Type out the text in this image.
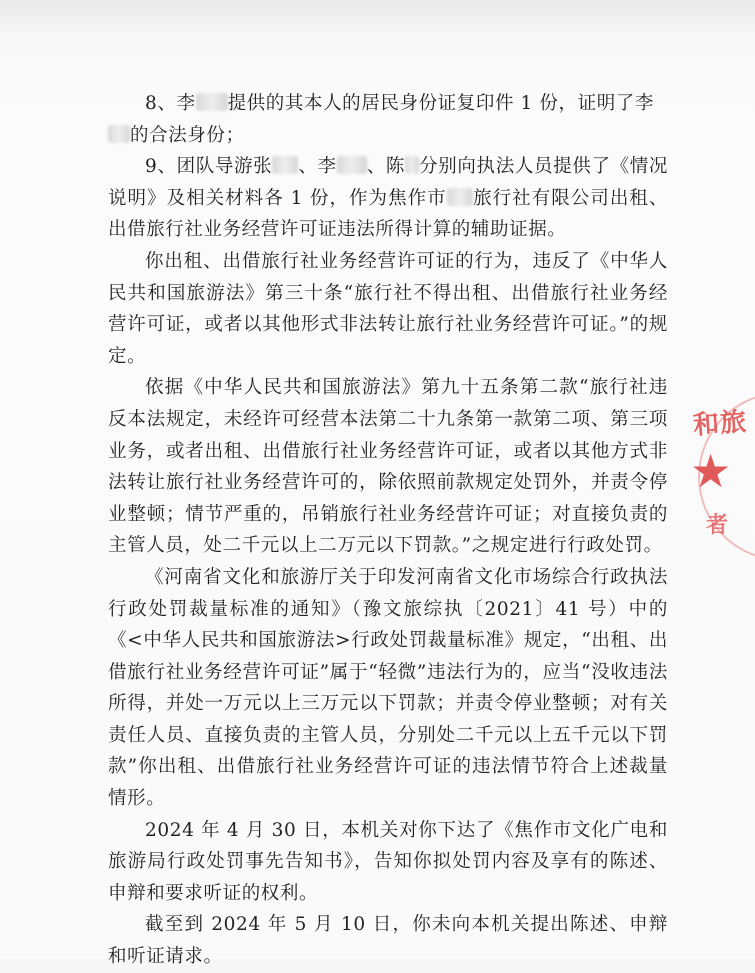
8、李 提供的其本人的居民身份证复印件 1 份，证明了李

的合法身份；

9、团队导游张 、李 、陈 分别向执法人员提供了《情况说明》及相关材料各 1 份，作为焦作市 旅行社有限公司出租、出借旅行社业务经营许可证违法所得计算的辅助证据。

你出租、出借旅行社业务经营许可证的行为，违反了《中华人民共和国旅游法》第三十条“旅行社不得出租、出借旅行社业务经营许可证，或者以其他形式非法转让旅行社业务经营许可证。”的规定。

依据《中华人民共和国旅游法》第九十五条第二款“旅行社违反本法规定，未经许可经营本法第二十九条第一款第二项、第三项业务，或者出租、出借旅行社业务经营许可证，或者以其他方式非法转让旅行社业务经营许可的，除依照前款规定处罚外，并责令停业整顿；情节严重的，吊销旅行社业务经营许可证；对直接负责的主管人员，处二千元以上二万元以下罚款。”之规定进行行政处罚。

《河南省文化和旅游厅关于印发河南省文化市场综合行政执法行政处罚裁量标准的通知》（豫文旅综执〔2021〕41 号）中的《<中华人民共和国旅游法>行政处罚裁量标准》规定，“出租、出借旅行社业务经营许可证”属于“轻微”违法行为的，应当“没收违法所得，并处一万元以上三万元以下罚款；并责令停业整顿；对有关责任人员、直接负责的主管人员，分别处二千元以上五千元以下罚款”你出租、出借旅行社业务经营许可证的违法情节符合上述裁量情形。

2024 年 4 月 30 日，本机关对你下达了《焦作市文化广电和旅游局行政处罚事先告知书》，告知你拟处罚内容及享有的陈述、申辩和要求听证的权利。

截至到 2024 年 5 月 10 日，你未向本机关提出陈述、申辩和听证请求。

和
旅
★
者
